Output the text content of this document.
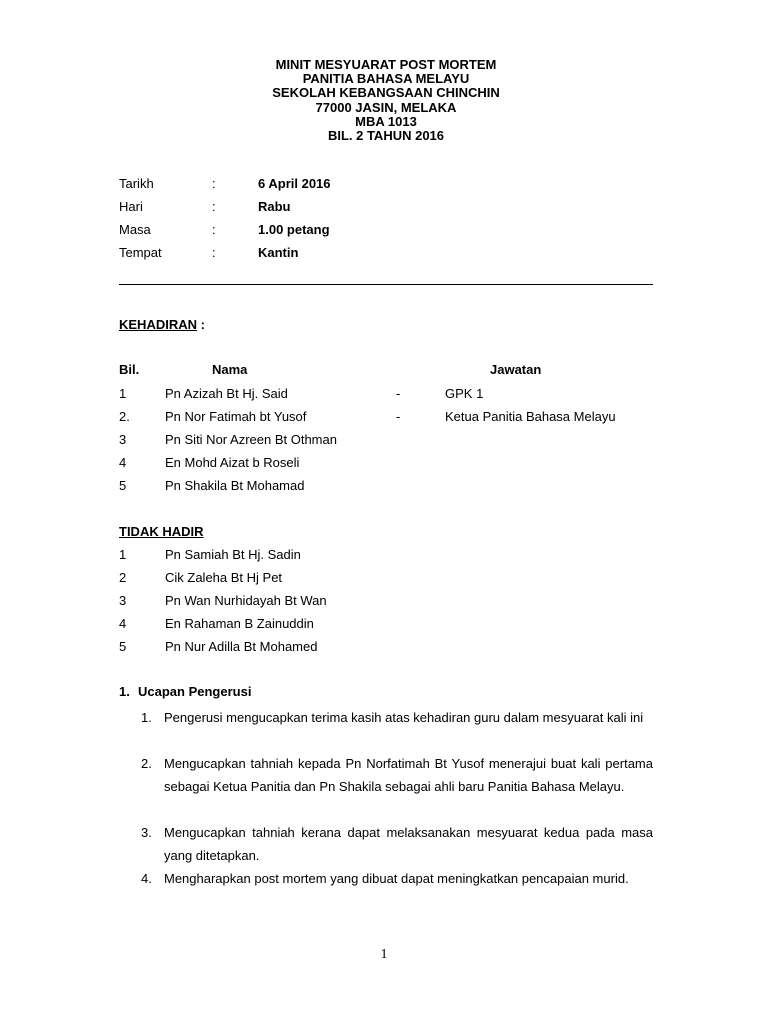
MINIT MESYUARAT POST MORTEM
PANITIA BAHASA MELAYU
SEKOLAH KEBANGSAAN CHINCHIN
77000 JASIN, MELAKA
MBA 1013
BIL. 2 TAHUN 2016
Tarikh	:	6 April 2016
Hari	:	Rabu
Masa	:	1.00 petang
Tempat	:	Kantin
KEHADIRAN :
Bil.	Nama	Jawatan
1	Pn Azizah Bt Hj. Said	-	GPK 1
2.	Pn Nor Fatimah bt Yusof	-	Ketua Panitia Bahasa Melayu
3	Pn Siti Nor Azreen Bt Othman
4	En Mohd Aizat b Roseli
5	Pn Shakila Bt Mohamad
TIDAK HADIR
1	Pn Samiah Bt Hj. Sadin
2	Cik Zaleha Bt Hj Pet
3	Pn Wan Nurhidayah Bt Wan
4	En Rahaman B Zainuddin
5	Pn Nur Adilla Bt Mohamed
1. Ucapan Pengerusi
1. Pengerusi mengucapkan terima kasih atas kehadiran guru dalam mesyuarat kali ini
2. Mengucapkan tahniah kepada Pn Norfatimah Bt Yusof menerajui buat kali pertama sebagai Ketua Panitia dan Pn Shakila sebagai ahli baru Panitia Bahasa Melayu.
3. Mengucapkan tahniah kerana dapat melaksanakan mesyuarat kedua pada masa yang ditetapkan.
4. Mengharapkan post mortem yang dibuat dapat meningkatkan pencapaian murid.
1
